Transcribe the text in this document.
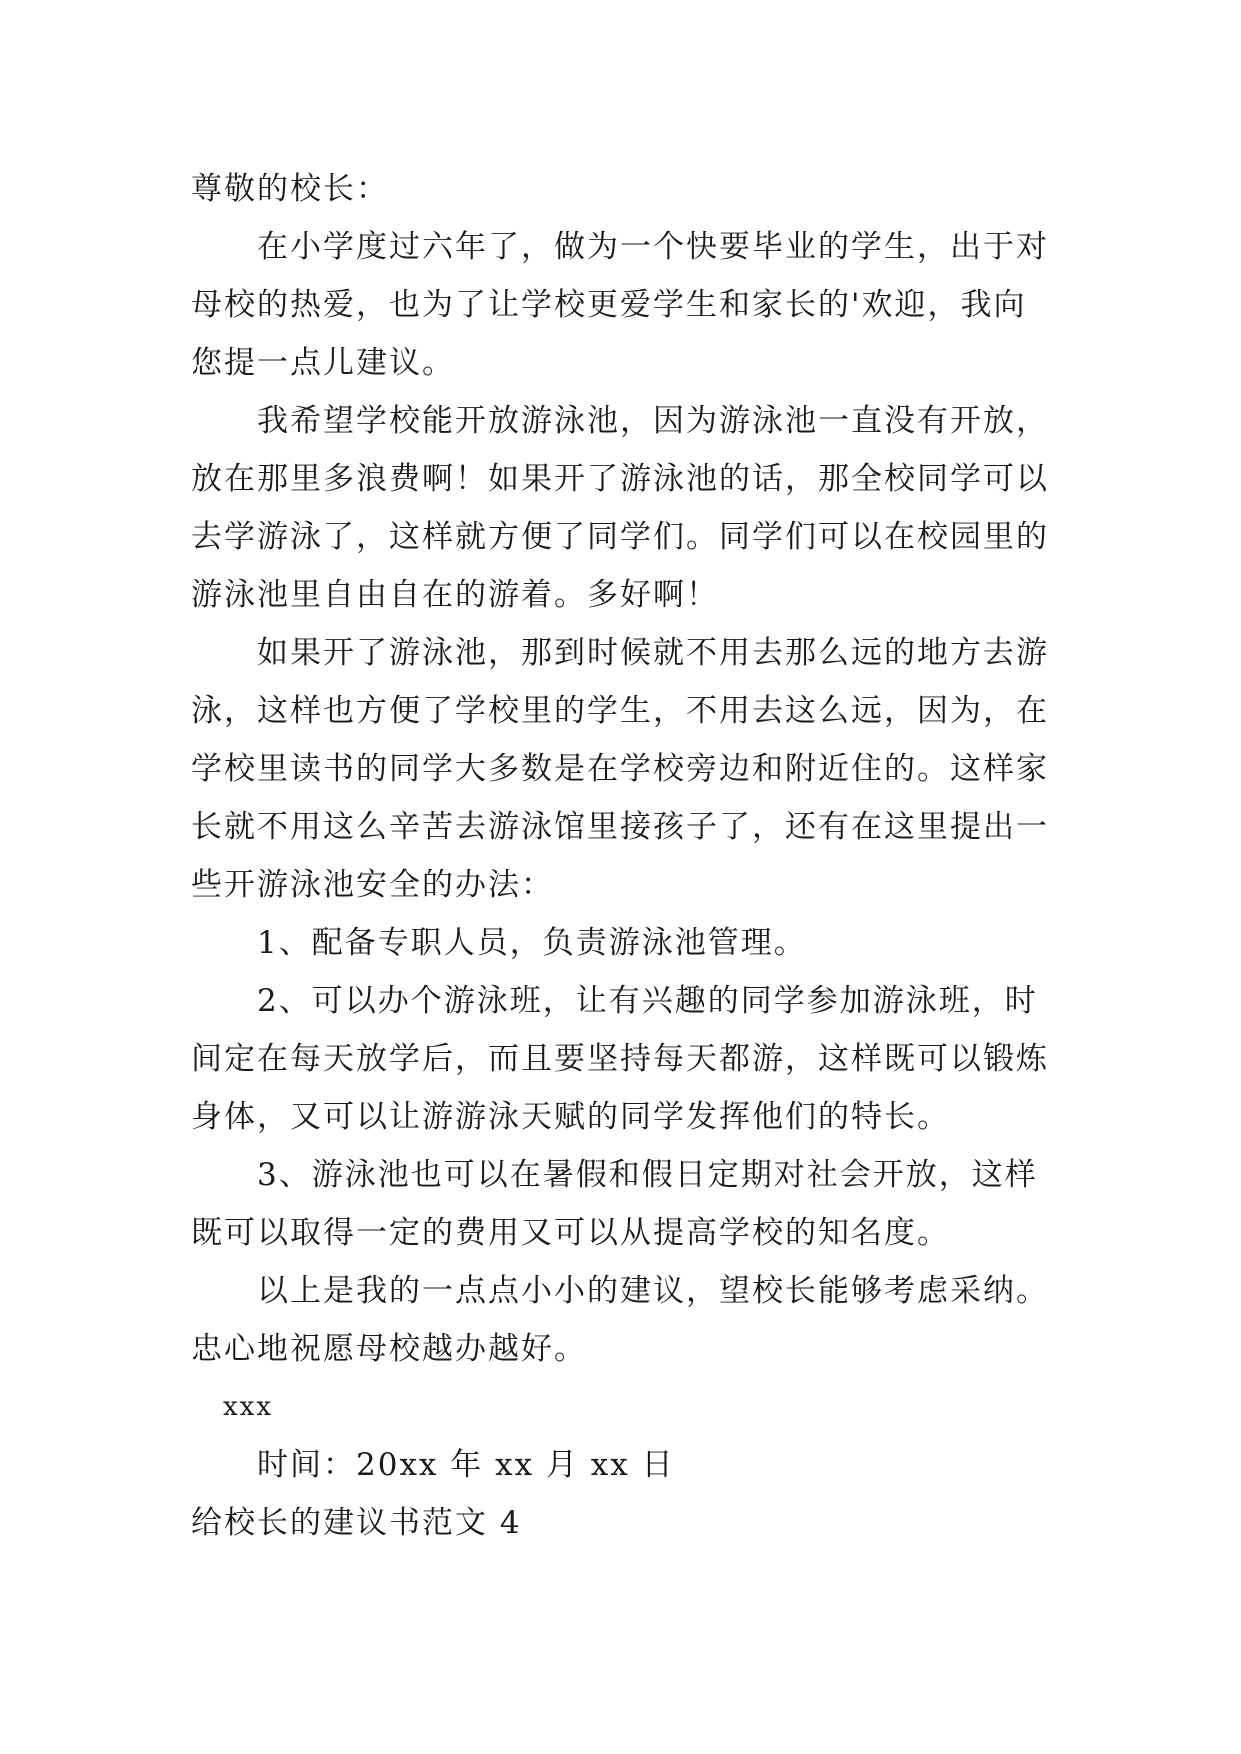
尊敬的校长：
在小学度过六年了，做为一个快要毕业的学生，出于对
母校的热爱，也为了让学校更爱学生和家长的'欢迎，我向
您提一点儿建议。
我希望学校能开放游泳池，因为游泳池一直没有开放，
放在那里多浪费啊！如果开了游泳池的话，那全校同学可以
去学游泳了，这样就方便了同学们。同学们可以在校园里的
游泳池里自由自在的游着。多好啊！
如果开了游泳池，那到时候就不用去那么远的地方去游
泳，这样也方便了学校里的学生，不用去这么远，因为，在
学校里读书的同学大多数是在学校旁边和附近住的。这样家
长就不用这么辛苦去游泳馆里接孩子了，还有在这里提出一
些开游泳池安全的办法：
1、配备专职人员，负责游泳池管理。
2、可以办个游泳班，让有兴趣的同学参加游泳班，时
间定在每天放学后，而且要坚持每天都游，这样既可以锻炼
身体，又可以让游游泳天赋的同学发挥他们的特长。
3、游泳池也可以在暑假和假日定期对社会开放，这样
既可以取得一定的费用又可以从提高学校的知名度。
以上是我的一点点小小的建议，望校长能够考虑采纳。
忠心地祝愿母校越办越好。
xxx
时间：20xx 年 xx 月 xx 日
给校长的建议书范文 4
